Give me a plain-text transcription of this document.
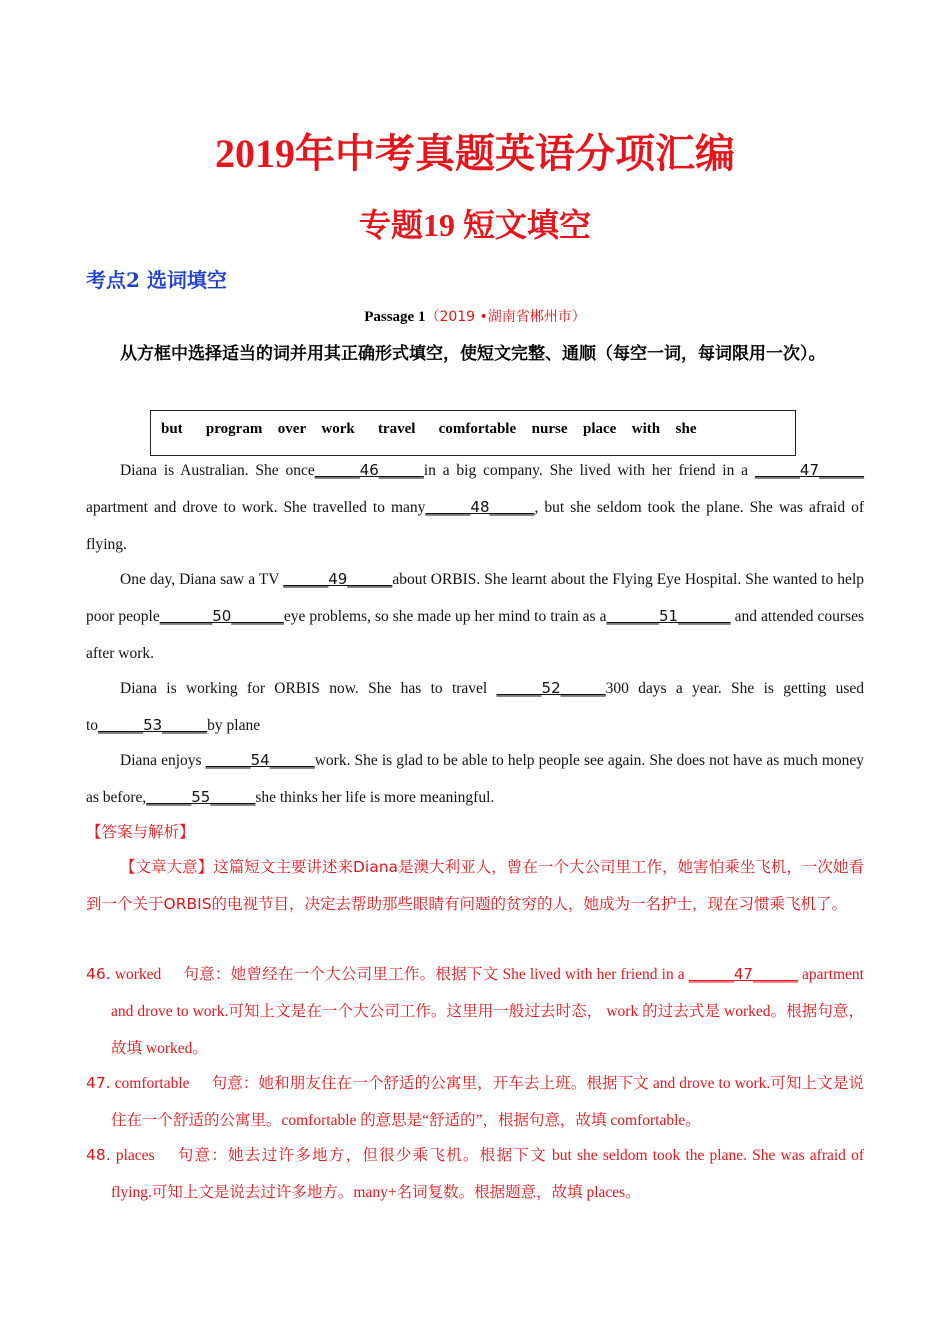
2019年中考真题英语分项汇编
专题19 短文填空
考点2 选词填空
Passage 1（2019 •湖南省郴州市）
从方框中选择适当的词并用其正确形式填空，使短文完整、通顺（每空一词，每词限用一次）。
but   program  over  work   travel   comfortable  nurse  place  with  she
Diana is Australian. She once______46______in a big company. She lived with her friend in a ______47______ apartment and drove to work. She travelled to many______48______, but she seldom took the plane. She was afraid of flying.
One day, Diana saw a TV ______49______about ORBIS. She learnt about the Flying Eye Hospital. She wanted to help poor people_______50_______eye problems, so she made up her mind to train as a_______51_______ and attended courses after work.
Diana is working for ORBIS now. She has to travel ______52______300 days a year. She is getting used to______53______by plane
Diana enjoys ______54______work. She is glad to be able to help people see again. She does not have as much money as before,______55______she thinks her life is more meaningful.
【答案与解析】
【文章大意】这篇短文主要讲述来Diana是澳大利亚人，曾在一个大公司里工作，她害怕乘坐飞机，一次她看到一个关于ORBIS的电视节目，决定去帮助那些眼睛有问题的贫穷的人，她成为一名护士，现在习惯乘飞机了。
46. worked 句意：她曾经在一个大公司里工作。根据下文 She lived with her friend in a ______47______ apartment and drove to work.可知上文是在一个大公司工作。这里用一般过去时态， work 的过去式是 worked。根据句意，故填 worked。
47. comfortable 句意：她和朋友住在一个舒适的公寓里，开车去上班。根据下文 and drove to work.可知上文是说住在一个舒适的公寓里。comfortable 的意思是“舒适的”，根据句意，故填 comfortable。
48. places 句意：她去过许多地方，但很少乘飞机。根据下文 but she seldom took the plane. She was afraid of flying.可知上文是说去过许多地方。many+名词复数。根据题意，故填 places。
